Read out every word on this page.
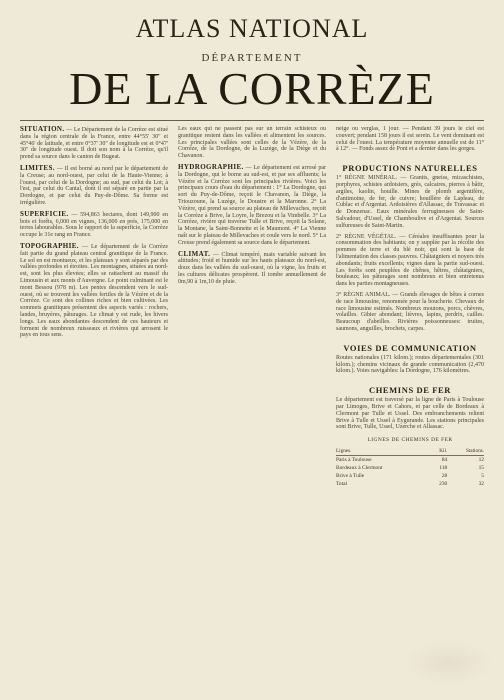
ATLAS NATIONAL
DÉPARTEMENT
DE LA CORRÈZE

SITUATION. — Le Département de la Corrèze est situé dans la région centrale de la France, entre 44°55' 30" et 45°46' de latitude, et entre 0°37' 30" de longitude est et 0°47' 30" de longitude ouest. Il doit son nom à la Corrèze, qu'il prend sa source dans le canton de Bugeat.

LIMITES. — Il est borné au nord par le département de la Creuse; au nord-ouest, par celui de la Haute-Vienne; à l'ouest, par celui de la Dordogne; au sud, par celui du Lot; à l'est, par celui du Cantal, dont il est séparé en partie par la Dordogne, et par celui du Puy-de-Dôme. Sa forme est irrégulière.

SUPERFICIE. — 594,863 hectares, dont 149,900 en bois et forêts, 6,000 en vignes, 136,000 en prés, 175,000 en terres labourables. Sous le rapport de la superficie, la Corrèze occupe le 31e rang en France.

TOPOGRAPHIE. — Le département de la Corrèze fait partie du grand plateau central granitique de la France. Le sol en est montueux, et les plateaux y sont séparés par des vallées profondes et étroites. Les montagnes, situées au nord-est, sont les plus élevées; elles se rattachent au massif du Limousin et aux monts d'Auvergne. Le point culminant est le mont Bessou (978 m). Les pentes descendent vers le sud-ouest, où se trouvent les vallées fertiles de la Vézère et de la Corrèze. Ce sont des collines riches et bien cultivées. Les sommets granitiques présentent des aspects variés : rochers, landes, bruyères, pâturages. Le climat y est rude, les hivers longs. Les eaux abondantes descendent de ces hauteurs et forment de nombreux ruisseaux et rivières qui arrosent le pays en tous sens.

Les eaux qui ne passent pas sur un terrain schisteux ou granitique restent dans les vallées et alimentent les sources. Les principales vallées sont celles de la Vézère, de la Corrèze, de la Dordogne, de la Luzège, de la Diège et du Chavanon.

HYDROGRAPHIE. — Le département est arrosé par la Dordogne, qui le borne au sud-est, et par ses affluents; la Vézère et la Corrèze sont les principales rivières. Voici les principaux cours d'eau du département : 1° La Dordogne, qui sort du Puy-de-Dôme, reçoit le Chavanon, la Diège, la Triouzoune, la Luzège, le Doustre et la Maronne. 2° La Vézère, qui prend sa source au plateau de Millevaches, reçoit la Corrèze à Brive, la Loyre, le Brezou et la Vimbelle. 3° La Corrèze, rivière qui traverse Tulle et Brive, reçoit la Solane, la Montane, la Saint-Bonnette et le Maumont. 4° La Vienne naît sur le plateau de Millevaches et coule vers le nord. 5° La Creuse prend également sa source dans le département.

CLIMAT. — Climat tempéré, mais variable suivant les altitudes; froid et humide sur les hauts plateaux du nord-est, doux dans les vallées du sud-ouest, où la vigne, les fruits et les cultures délicates prospèrent. Il tombe annuellement de 0m,90 à 1m,10 de pluie.

neige ou verglas, 1 jour. — Pendant 39 jours le ciel est couvert; pendant 158 jours il est serein. Le vent dominant est celui de l'ouest. La température moyenne annuelle est de 11° à 12°. — Fonds assez de Pont et a dernier dans les gorges.

PRODUCTIONS NATURELLES

1° RÈGNE MINÉRAL. — Granits, gneiss, micaschistes, porphyres, schistes ardoisiers, grès, calcaires, pierres à bâtir, argiles, kaolin, houille. Mines de plomb argentifère, d'antimoine, de fer, de cuivre; houillère de Lapleau, de Cublac et d'Argentat. Ardoisières d'Allassac, de Travassac et de Donzenac. Eaux minérales ferrugineuses de Saint-Salvadour, d'Ussel, de Chamboulive et d'Argentat. Sources sulfureuses de Saint-Martin.

2° RÈGNE VÉGÉTAL. — Céréales insuffisantes pour la consommation des habitants; on y supplée par la récolte des pommes de terre et du blé noir, qui sont la base de l'alimentation des classes pauvres. Châtaigniers et noyers très abondants; fruits excellents; vignes dans la partie sud-ouest. Les forêts sont peuplées de chênes, hêtres, châtaigniers, bouleaux; les pâturages sont nombreux et bien entretenus dans les parties montagneuses.

3° RÈGNE ANIMAL. — Grands élevages de bêtes à cornes de race limousine, renommée pour la boucherie. Chevaux de race limousine estimés. Nombreux moutons, porcs, chèvres, volailles. Gibier abondant; lièvres, lapins, perdrix, cailles. Beaucoup d'abeilles. Rivières poissonneuses: truites, saumons, anguilles, brochets, carpes.

VOIES DE COMMUNICATION

Routes nationales (171 kilom.); routes départementales (301 kilom.); chemins vicinaux de grande communication (2,470 kilom.). Voies navigables: la Dordogne, 176 kilomètres.

CHEMINS DE FER

Le département est traversé par la ligne de Paris à Toulouse par Limoges, Brive et Cahors, et par celle de Bordeaux à Clermont par Tulle et Ussel. Des embranchements relient Brive à Tulle et Ussel à Eygurande. Les stations principales sont Brive, Tulle, Ussel, Uzerche et Allassac.

LIGNES DE CHEMINS DE FER

Lignes.	Kil.	Stations.
Paris à Toulouse	84	12
Bordeaux à Clermont	118	15
Brive à Tulle	28	5
Total	230	32
